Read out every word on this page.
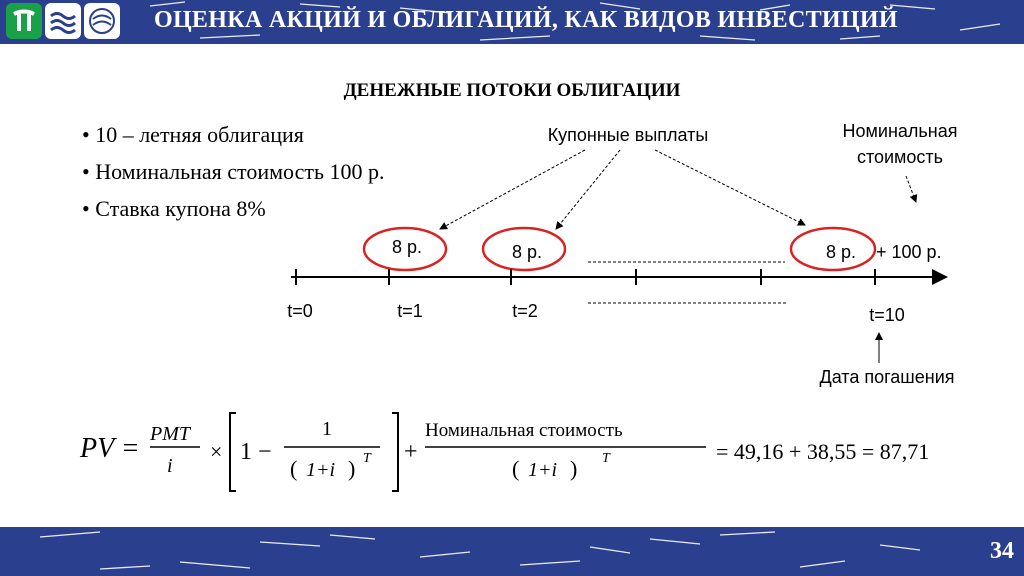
ОЦЕНКА АКЦИЙ И ОБЛИГАЦИЙ, КАК ВИДОВ ИНВЕСТИЦИЙ
ДЕНЕЖНЫЕ ПОТОКИ ОБЛИГАЦИИ
• 10 – летняя облигация
• Номинальная стоимость 100 р.
• Ставка купона 8%
Купонные выплаты	Номинальная
стоимость
8 р.	8 р.	8 р. + 100 р.
t=0	t=1	t=2	t=10
Дата погашения
PV = PMT
i
× 1 −
1
( 1+i ) T +
Номинальная стоимость
( 1+i ) T	= 49,16 + 38,55 = 87,71
34
